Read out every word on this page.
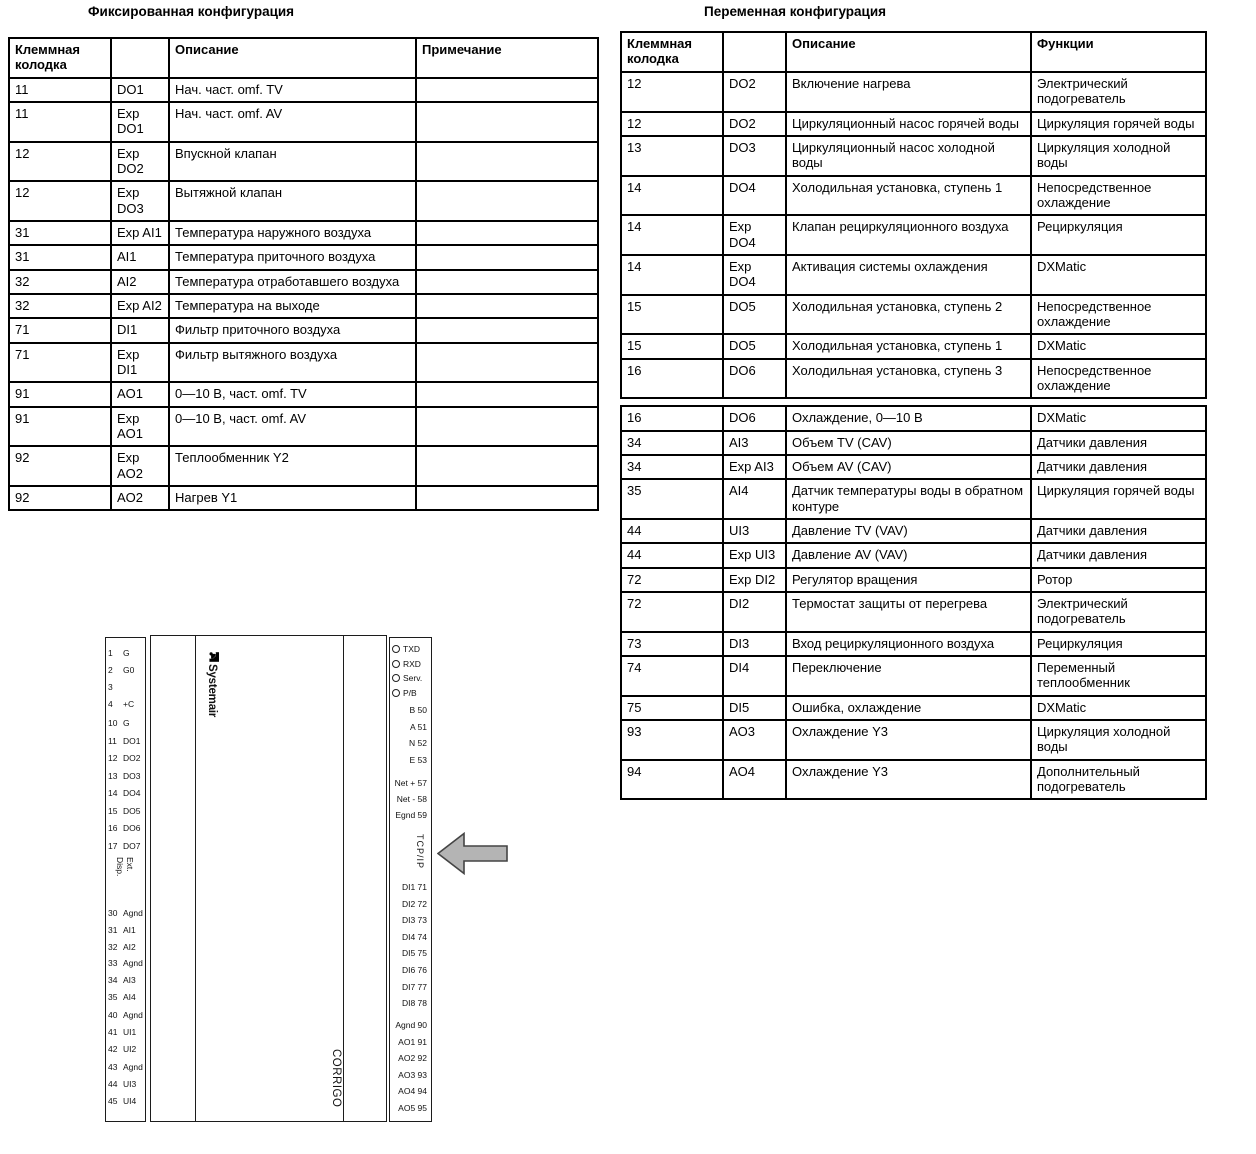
Фиксированная конфигурация	Переменная конфигурация
Клеммная колодка		Описание	Примечание
11	DO1	Нач. част. omf. TV	
11	Exp DO1	Нач. част. omf. AV	
12	Exp DO2	Впускной клапан	
12	Exp DO3	Вытяжной клапан	
31	Exp AI1	Температура наружного воздуха	
31	AI1	Температура приточного воздуха	
32	AI2	Температура отработавшего воздуха	
32	Exp AI2	Температура на выходе	
71	DI1	Фильтр приточного воздуха	
71	Exp DI1	Фильтр вытяжного воздуха	
91	AO1	0—10 В, част. omf. TV	
91	Exp AO1	0—10 В, част. omf. AV	
92	Exp AO2	Теплообменник Y2	
92	AO2	Нагрев Y1	
Клеммная колодка		Описание	Функции
12	DO2	Включение нагрева	Электрический подогреватель
12	DO2	Циркуляционный насос горячей воды	Циркуляция горячей воды
13	DO3	Циркуляционный насос холодной воды	Циркуляция холодной воды
14	DO4	Холодильная установка, ступень 1	Непосредственное охлаждение
14	Exp DO4	Клапан рециркуляционного воздуха	Рециркуляция
14	Exp DO4	Активация системы охлаждения	DXMatic
15	DO5	Холодильная установка, ступень 2	Непосредственное охлаждение
15	DO5	Холодильная установка, ступень 1	DXMatic
16	DO6	Холодильная установка, ступень 3	Непосредственное охлаждение
16	DO6	Охлаждение, 0—10 В	DXMatic
34	AI3	Объем TV (CAV)	Датчики давления
34	Exp AI3	Объем AV (CAV)	Датчики давления
35	AI4	Датчик температуры воды в обратном контуре	Циркуляция горячей воды
44	UI3	Давление TV (VAV)	Датчики давления
44	Exp UI3	Давление AV (VAV)	Датчики давления
72	Exp DI2	Регулятор вращения	Ротор
72	DI2	Термостат защиты от перегрева	Электрический подогреватель
73	DI3	Вход рециркуляционного воздуха	Рециркуляция
74	DI4	Переключение	Переменный теплообменник
75	DI5	Ошибка, охлаждение	DXMatic
93	AO3	Охлаждение Y3	Циркуляция холодной воды
94	AO4	Охлаждение Y3	Дополнительный подогреватель
1	G
2	G0
3
4	+C
10 G
11 DO1
12 DO2
13 DO3
14 DO4
15 DO5
16 DO6
17 DO7
Ext.
Disp.
30 Agnd
31 AI1
32 AI2
33 Agnd
34 AI3
35 AI4
40 Agnd
41 UI1
42 UI2
43 Agnd
44 UI3
45 UI4
Systemair
CORRIGO
TXD
RXD
Serv.
P/B
B 50
A 51
N 52
E 53
Net + 57
Net - 58
Egnd 59
TCP/IP
DI1 71
DI2 72
DI3 73
DI4 74
DI5 75
DI6 76
DI7 77
DI8 78
Agnd 90
AO1 91
AO2 92
AO3 93
AO4 94
AO5 95
